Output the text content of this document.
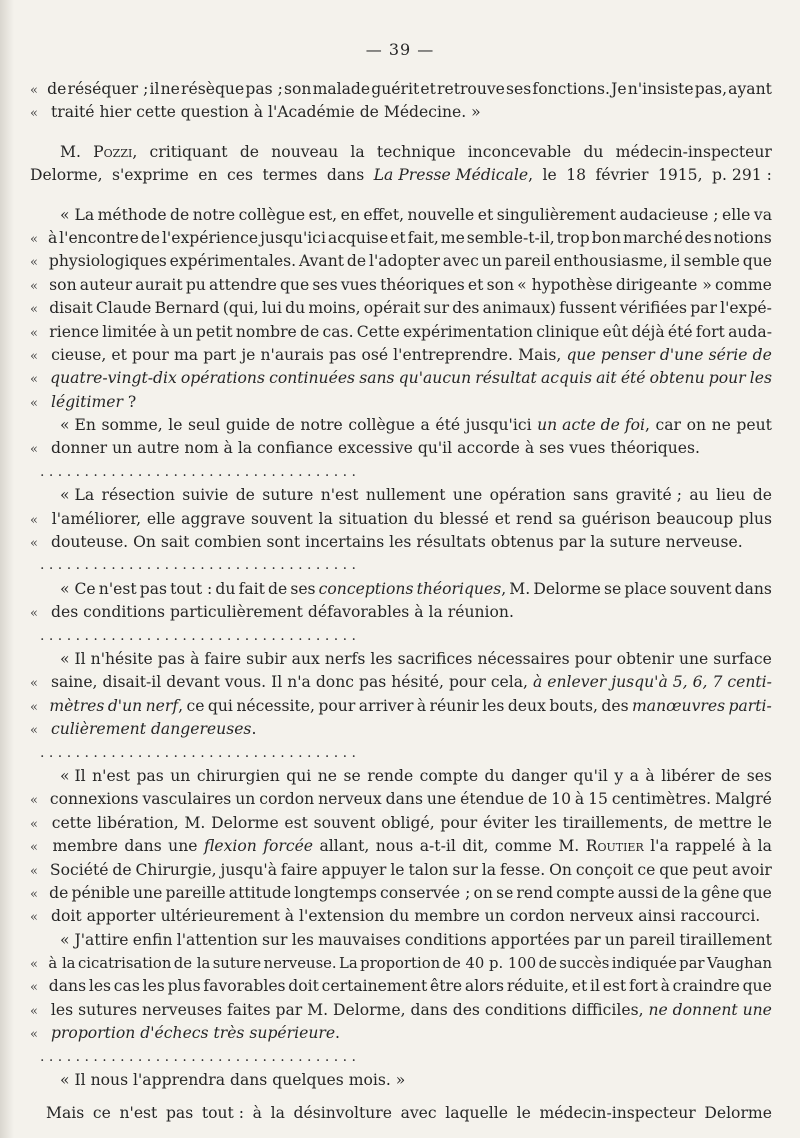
— 39 —
« de réséquer ; il ne résèque pas ; son malade guérit et retrouve ses fonctions. Je n'insiste pas, ayant
« traité hier cette question à l'Académie de Médecine. »
M. Pozzi, critiquant de nouveau la technique inconcevable du médecin-inspecteur
Delorme, s'exprime en ces termes dans La Presse Médicale, le 18 février 1915, p. 291 :
« La méthode de notre collègue est, en effet, nouvelle et singulièrement audacieuse ; elle va
« à l'encontre de l'expérience jusqu'ici acquise et fait, me semble-t-il, trop bon marché des notions
« physiologiques expérimentales. Avant de l'adopter avec un pareil enthousiasme, il semble que
« son auteur aurait pu attendre que ses vues théoriques et son « hypothèse dirigeante » comme
« disait Claude Bernard (qui, lui du moins, opérait sur des animaux) fussent vérifiées par l'expé-
« rience limitée à un petit nombre de cas. Cette expérimentation clinique eût déjà été fort auda-
« cieuse, et pour ma part je n'aurais pas osé l'entreprendre. Mais, que penser d'une série de
« quatre-vingt-dix opérations continuées sans qu'aucun résultat acquis ait été obtenu pour les
« légitimer ?
« En somme, le seul guide de notre collègue a été jusqu'ici un acte de foi, car on ne peut
« donner un autre nom à la confiance excessive qu'il accorde à ses vues théoriques.
. . . . . . . . . . . . . . . . . . . . . . . . . . . . . . . . . . . .
« La résection suivie de suture n'est nullement une opération sans gravité ; au lieu de
« l'améliorer, elle aggrave souvent la situation du blessé et rend sa guérison beaucoup plus
« douteuse. On sait combien sont incertains les résultats obtenus par la suture nerveuse.
. . . . . . . . . . . . . . . . . . . . . . . . . . . . . . . . . . . .
« Ce n'est pas tout : du fait de ses conceptions théoriques, M. Delorme se place souvent dans
« des conditions particulièrement défavorables à la réunion.
. . . . . . . . . . . . . . . . . . . . . . . . . . . . . . . . . . . .
« Il n'hésite pas à faire subir aux nerfs les sacrifices nécessaires pour obtenir une surface
« saine, disait-il devant vous. Il n'a donc pas hésité, pour cela, à enlever jusqu'à 5, 6, 7 centi-
« mètres d'un nerf, ce qui nécessite, pour arriver à réunir les deux bouts, des manœuvres parti-
« culièrement dangereuses.
. . . . . . . . . . . . . . . . . . . . . . . . . . . . . . . . . . . .
« Il n'est pas un chirurgien qui ne se rende compte du danger qu'il y a à libérer de ses
« connexions vasculaires un cordon nerveux dans une étendue de 10 à 15 centimètres. Malgré
« cette libération, M. Delorme est souvent obligé, pour éviter les tiraillements, de mettre le
« membre dans une flexion forcée allant, nous a-t-il dit, comme M. Routier l'a rappelé à la
« Société de Chirurgie, jusqu'à faire appuyer le talon sur la fesse. On conçoit ce que peut avoir
« de pénible une pareille attitude longtemps conservée ; on se rend compte aussi de la gêne que
« doit apporter ultérieurement à l'extension du membre un cordon nerveux ainsi raccourci.
« J'attire enfin l'attention sur les mauvaises conditions apportées par un pareil tiraillement
« à la cicatrisation de la suture nerveuse. La proportion de 40 p. 100 de succès indiquée par Vaughan
« dans les cas les plus favorables doit certainement être alors réduite, et il est fort à craindre que
« les sutures nerveuses faites par M. Delorme, dans des conditions difficiles, ne donnent une
« proportion d'échecs très supérieure.
. . . . . . . . . . . . . . . . . . . . . . . . . . . . . . . . . . . .
« Il nous l'apprendra dans quelques mois. »
Mais ce n'est pas tout : à la désinvolture avec laquelle le médecin-inspecteur Delorme
